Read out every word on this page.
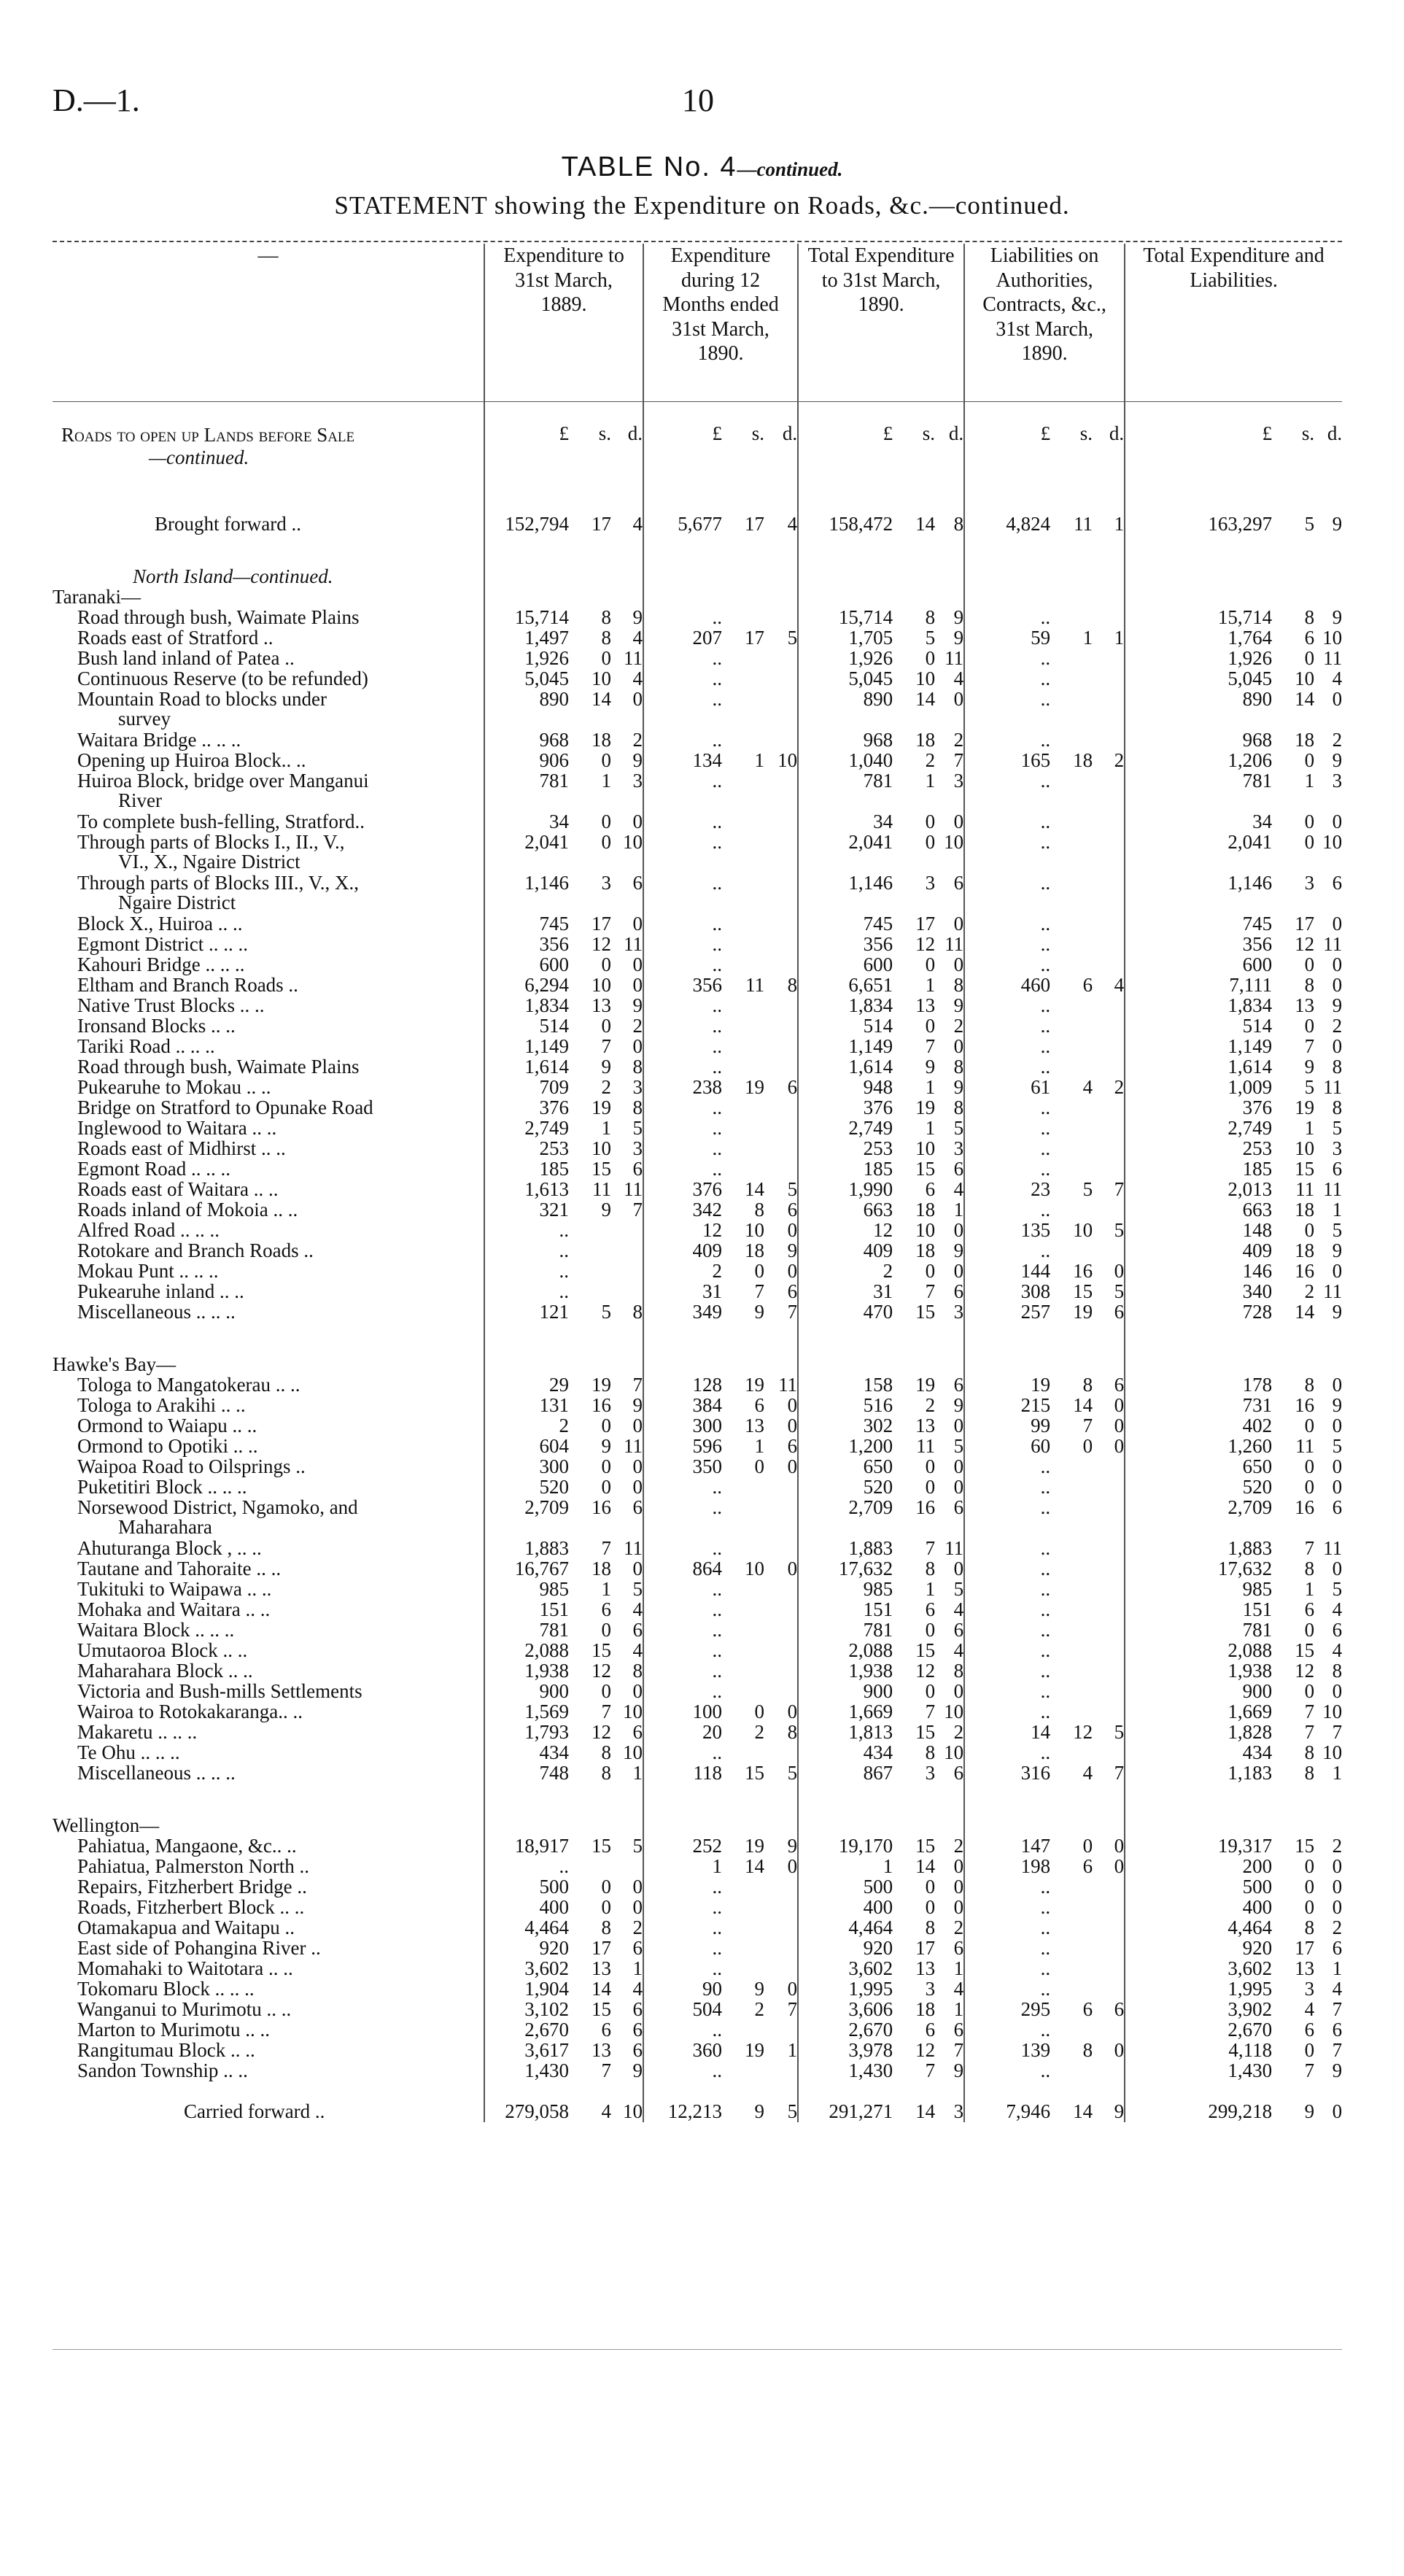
D.—1.	10
TABLE No. 4—continued.
STATEMENT showing the Expenditure on Roads, &c.—continued.
—	Expenditure to 31st March, 1889.			Expenditure during 12 Months ended 31st March, 1890.			Total Expenditure to 31st March, 1890.			Liabilities on Authorities, Contracts, &c., 31st March, 1890.			Total Expenditure and Liabilities.		
Roads to open up Lands before Sale
—continued.	£	s.	d.	£	s.	d.	£	s.	d.	£	s.	d.	£	s.	d.

Brought forward ..	152,794	17	4	5,677	17	4	158,472	14	8	4,824	11	1	163,297	5	9

North Island—continued.															
Taranaki—															
Road through bush, Waimate Plains	15,714	8	9	..			15,714	8	9	..			15,714	8	9
Roads east of Stratford ..	1,497	8	4	207	17	5	1,705	5	9	59	1	1	1,764	6	10
Bush land inland of Patea ..	1,926	0	11	..			1,926	0	11	..			1,926	0	11
Continuous Reserve (to be refunded)	5,045	10	4	..			5,045	10	4	..			5,045	10	4
Mountain Road to blocks under
survey	890	14	0	..			890	14	0	..			890	14	0
Waitara Bridge .. .. ..	968	18	2	..			968	18	2	..			968	18	2
Opening up Huiroa Block.. ..	906	0	9	134	1	10	1,040	2	7	165	18	2	1,206	0	9
Huiroa Block, bridge over Manganui
River	781	1	3	..			781	1	3	..			781	1	3
To complete bush-felling, Stratford..	34	0	0	..			34	0	0	..			34	0	0
Through parts of Blocks I., II., V.,
VI., X., Ngaire District	2,041	0	10	..			2,041	0	10	..			2,041	0	10
Through parts of Blocks III., V., X.,
Ngaire District	1,146	3	6	..			1,146	3	6	..			1,146	3	6
Block X., Huiroa .. ..	745	17	0	..			745	17	0	..			745	17	0
Egmont District .. .. ..	356	12	11	..			356	12	11	..			356	12	11
Kahouri Bridge .. .. ..	600	0	0	..			600	0	0	..			600	0	0
Eltham and Branch Roads ..	6,294	10	0	356	11	8	6,651	1	8	460	6	4	7,111	8	0
Native Trust Blocks .. ..	1,834	13	9	..			1,834	13	9	..			1,834	13	9
Ironsand Blocks .. ..	514	0	2	..			514	0	2	..			514	0	2
Tariki Road .. .. ..	1,149	7	0	..			1,149	7	0	..			1,149	7	0
Road through bush, Waimate Plains	1,614	9	8	..			1,614	9	8	..			1,614	9	8
Pukearuhe to Mokau .. ..	709	2	3	238	19	6	948	1	9	61	4	2	1,009	5	11
Bridge on Stratford to Opunake Road	376	19	8	..			376	19	8	..			376	19	8
Inglewood to Waitara .. ..	2,749	1	5	..			2,749	1	5	..			2,749	1	5
Roads east of Midhirst .. ..	253	10	3	..			253	10	3	..			253	10	3
Egmont Road .. .. ..	185	15	6	..			185	15	6	..			185	15	6
Roads east of Waitara .. ..	1,613	11	11	376	14	5	1,990	6	4	23	5	7	2,013	11	11
Roads inland of Mokoia .. ..	321	9	7	342	8	6	663	18	1	..			663	18	1
Alfred Road .. .. ..	..			12	10	0	12	10	0	135	10	5	148	0	5
Rotokare and Branch Roads ..	..			409	18	9	409	18	9	..			409	18	9
Mokau Punt .. .. ..	..			2	0	0	2	0	0	144	16	0	146	16	0
Pukearuhe inland .. ..	..			31	7	6	31	7	6	308	15	5	340	2	11
Miscellaneous .. .. ..	121	5	8	349	9	7	470	15	3	257	19	6	728	14	9

Hawke's Bay—															
Tologa to Mangatokerau .. ..	29	19	7	128	19	11	158	19	6	19	8	6	178	8	0
Tologa to Arakihi .. ..	131	16	9	384	6	0	516	2	9	215	14	0	731	16	9
Ormond to Waiapu .. ..	2	0	0	300	13	0	302	13	0	99	7	0	402	0	0
Ormond to Opotiki .. ..	604	9	11	596	1	6	1,200	11	5	60	0	0	1,260	11	5
Waipoa Road to Oilsprings ..	300	0	0	350	0	0	650	0	0	..			650	0	0
Puketitiri Block .. .. ..	520	0	0	..			520	0	0	..			520	0	0
Norsewood District, Ngamoko, and
Maharahara	2,709	16	6	..			2,709	16	6	..			2,709	16	6
Ahuturanga Block , .. ..	1,883	7	11	..			1,883	7	11	..			1,883	7	11
Tautane and Tahoraite .. ..	16,767	18	0	864	10	0	17,632	8	0	..			17,632	8	0
Tukituki to Waipawa .. ..	985	1	5	..			985	1	5	..			985	1	5
Mohaka and Waitara .. ..	151	6	4	..			151	6	4	..			151	6	4
Waitara Block .. .. ..	781	0	6	..			781	0	6	..			781	0	6
Umutaoroa Block .. ..	2,088	15	4	..			2,088	15	4	..			2,088	15	4
Maharahara Block .. ..	1,938	12	8	..			1,938	12	8	..			1,938	12	8
Victoria and Bush-mills Settlements	900	0	0	..			900	0	0	..			900	0	0
Wairoa to Rotokakaranga.. ..	1,569	7	10	100	0	0	1,669	7	10	..			1,669	7	10
Makaretu .. .. ..	1,793	12	6	20	2	8	1,813	15	2	14	12	5	1,828	7	7
Te Ohu .. .. ..	434	8	10	..			434	8	10	..			434	8	10
Miscellaneous .. .. ..	748	8	1	118	15	5	867	3	6	316	4	7	1,183	8	1

Wellington—															
Pahiatua, Mangaone, &c.. ..	18,917	15	5	252	19	9	19,170	15	2	147	0	0	19,317	15	2
Pahiatua, Palmerston North ..	..			1	14	0	1	14	0	198	6	0	200	0	0
Repairs, Fitzherbert Bridge ..	500	0	0	..			500	0	0	..			500	0	0
Roads, Fitzherbert Block .. ..	400	0	0	..			400	0	0	..			400	0	0
Otamakapua and Waitapu ..	4,464	8	2	..			4,464	8	2	..			4,464	8	2
East side of Pohangina River ..	920	17	6	..			920	17	6	..			920	17	6
Momahaki to Waitotara .. ..	3,602	13	1	..			3,602	13	1	..			3,602	13	1
Tokomaru Block .. .. ..	1,904	14	4	90	9	0	1,995	3	4	..			1,995	3	4
Wanganui to Murimotu .. ..	3,102	15	6	504	2	7	3,606	18	1	295	6	6	3,902	4	7
Marton to Murimotu .. ..	2,670	6	6	..			2,670	6	6	..			2,670	6	6
Rangitumau Block .. ..	3,617	13	6	360	19	1	3,978	12	7	139	8	0	4,118	0	7
Sandon Township .. ..	1,430	7	9	..			1,430	7	9	..			1,430	7	9

Carried forward ..	279,058	4	10	12,213	9	5	291,271	14	3	7,946	14	9	299,218	9	0
